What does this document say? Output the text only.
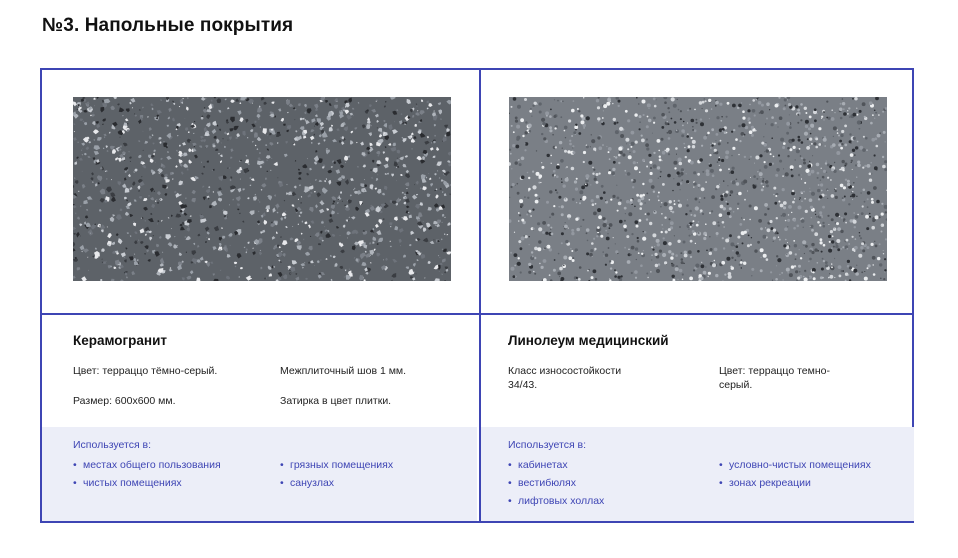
№3. Напольные покрытия
Керамогранит
Цвет: терраццо тёмно-серый.
Размер: 600х600 мм.
Межплиточный шов 1 мм.
Затирка в цвет плитки.
Линолеум медицинский
Класс износостойкости 34/43.
Цвет: терраццо темно-серый.
Используется в:
• местах общего пользования
• чистых помещениях
• грязных помещениях
• санузлах
Используется в:
• кабинетах
• вестибюлях
• лифтовых холлах
• условно-чистых помещениях
• зонах рекреации
